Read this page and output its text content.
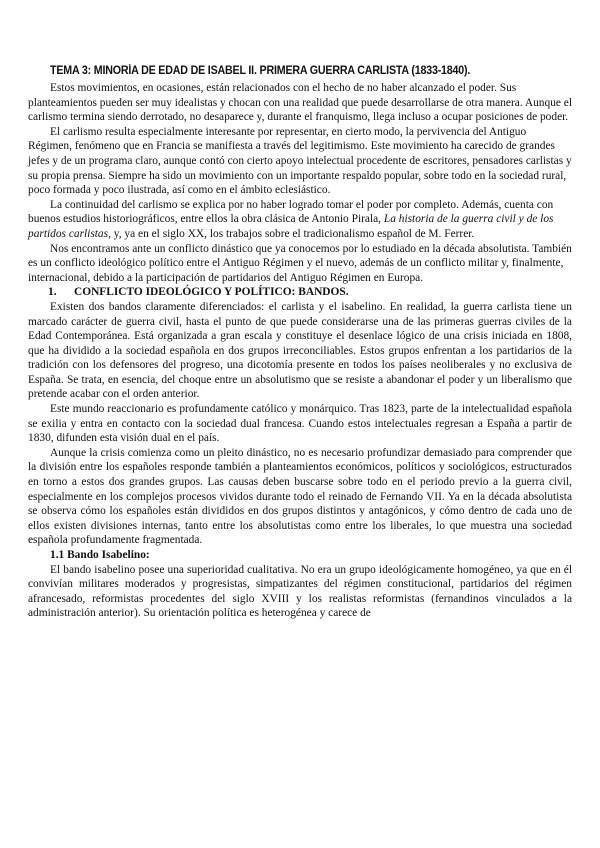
TEMA 3: MINORÍA DE EDAD DE ISABEL II. PRIMERA GUERRA CARLISTA (1833-1840).

Estos movimientos, en ocasiones, están relacionados con el hecho de no haber alcanzado el poder. Sus planteamientos pueden ser muy idealistas y chocan con una realidad que puede desarrollarse de otra manera. Aunque el carlismo termina siendo derrotado, no desaparece y, durante el franquismo, llega incluso a ocupar posiciones de poder.

El carlismo resulta especialmente interesante por representar, en cierto modo, la pervivencia del Antiguo Régimen, fenómeno que en Francia se manifiesta a través del legitimismo. Este movimiento ha carecido de grandes jefes y de un programa claro, aunque contó con cierto apoyo intelectual procedente de escritores, pensadores carlistas y su propia prensa. Siempre ha sido un movimiento con un importante respaldo popular, sobre todo en la sociedad rural, poco formada y poco ilustrada, así como en el ámbito eclesiástico.

La continuidad del carlismo se explica por no haber logrado tomar el poder por completo. Además, cuenta con buenos estudios historiográficos, entre ellos la obra clásica de Antonio Pirala, La historia de la guerra civil y de los partidos carlistas, y, ya en el siglo XX, los trabajos sobre el tradicionalismo español de M. Ferrer.

Nos encontramos ante un conflicto dinástico que ya conocemos por lo estudiado en la década absolutista. También es un conflicto ideológico político entre el Antiguo Régimen y el nuevo, además de un conflicto militar y, finalmente, internacional, debido a la participación de partidarios del Antiguo Régimen en Europa.

1. CONFLICTO IDEOLÓGICO Y POLÍTICO: BANDOS.

Existen dos bandos claramente diferenciados: el carlista y el isabelino. En realidad, la guerra carlista tiene un marcado carácter de guerra civil, hasta el punto de que puede considerarse una de las primeras guerras civiles de la Edad Contemporánea. Está organizada a gran escala y constituye el desenlace lógico de una crisis iniciada en 1808, que ha dividido a la sociedad española en dos grupos irreconciliables. Estos grupos enfrentan a los partidarios de la tradición con los defensores del progreso, una dicotomía presente en todos los países neoliberales y no exclusiva de España. Se trata, en esencia, del choque entre un absolutismo que se resiste a abandonar el poder y un liberalismo que pretende acabar con el orden anterior.

Este mundo reaccionario es profundamente católico y monárquico. Tras 1823, parte de la intelectualidad española se exilia y entra en contacto con la sociedad dual francesa. Cuando estos intelectuales regresan a España a partir de 1830, difunden esta visión dual en el país.

Aunque la crisis comienza como un pleito dinástico, no es necesario profundizar demasiado para comprender que la división entre los españoles responde también a planteamientos económicos, políticos y sociológicos, estructurados en torno a estos dos grandes grupos. Las causas deben buscarse sobre todo en el periodo previo a la guerra civil, especialmente en los complejos procesos vividos durante todo el reinado de Fernando VII. Ya en la década absolutista se observa cómo los españoles están divididos en dos grupos distintos y antagónicos, y cómo dentro de cada uno de ellos existen divisiones internas, tanto entre los absolutistas como entre los liberales, lo que muestra una sociedad española profundamente fragmentada.

1.1 Bando Isabelino:

El bando isabelino posee una superioridad cualitativa. No era un grupo ideológicamente homogéneo, ya que en él convivían militares moderados y progresistas, simpatizantes del régimen constitucional, partidarios del régimen afrancesado, reformistas procedentes del siglo XVIII y los realistas reformistas (fernandinos vinculados a la administración anterior). Su orientación política es heterogénea y carece de
